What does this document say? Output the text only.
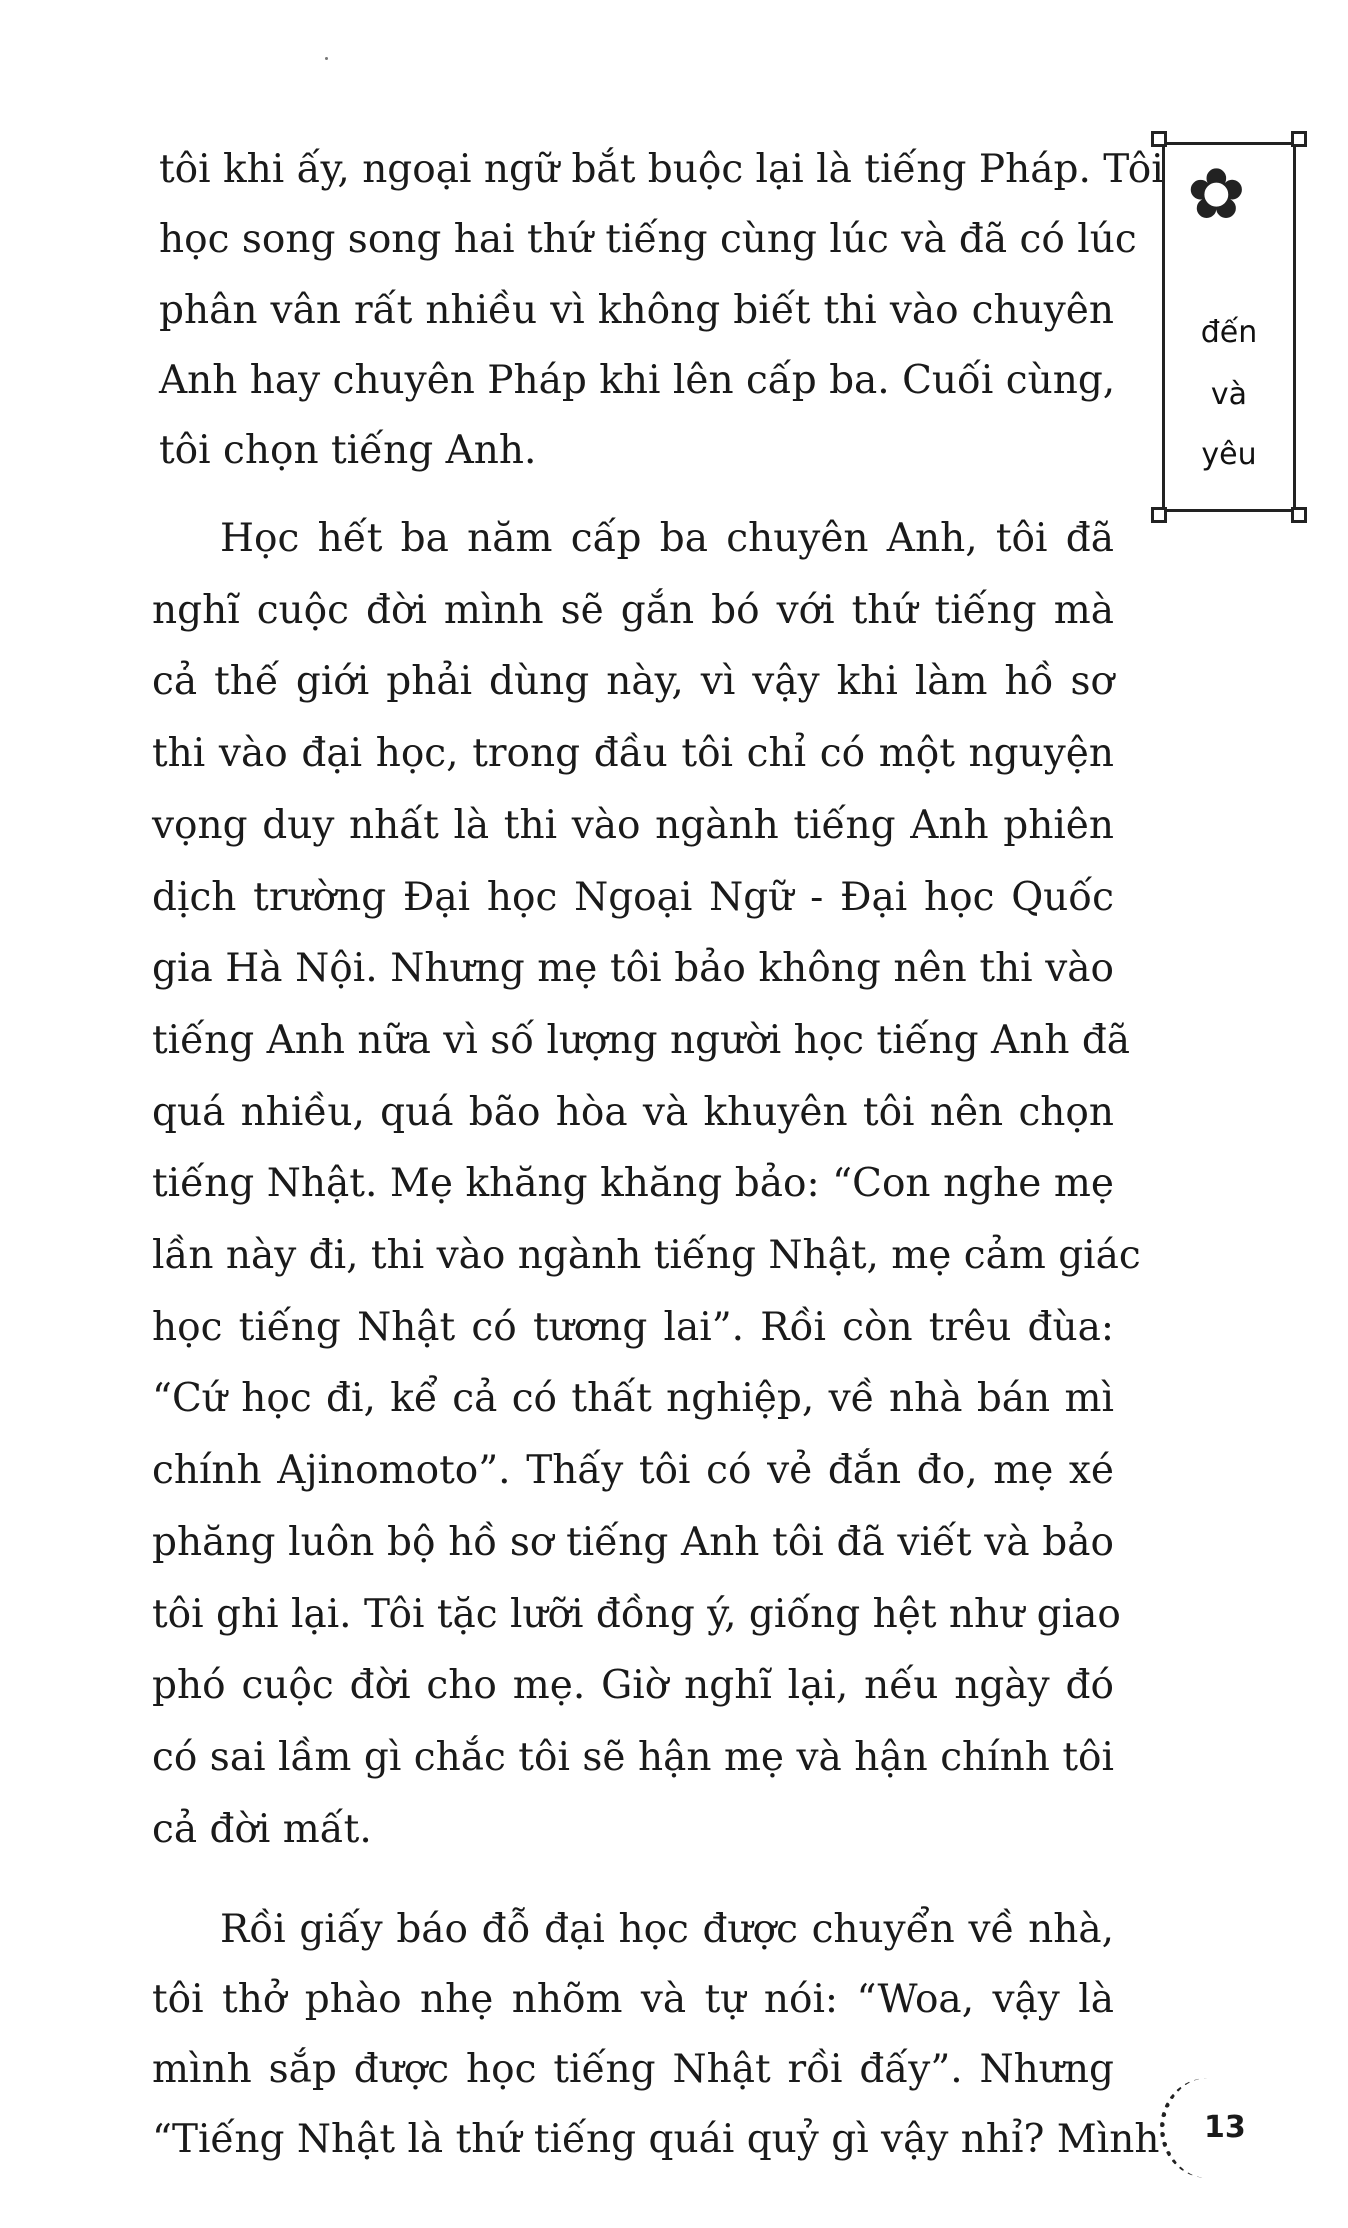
tôi khi ấy, ngoại ngữ bắt buộc lại là tiếng Pháp. Tôi
học song song hai thứ tiếng cùng lúc và đã có lúc
phân vân rất nhiều vì không biết thi vào chuyên
Anh hay chuyên Pháp khi lên cấp ba. Cuối cùng,
tôi chọn tiếng Anh.
Học hết ba năm cấp ba chuyên Anh, tôi đã
nghĩ cuộc đời mình sẽ gắn bó với thứ tiếng mà
cả thế giới phải dùng này, vì vậy khi làm hồ sơ
thi vào đại học, trong đầu tôi chỉ có một nguyện
vọng duy nhất là thi vào ngành tiếng Anh phiên
dịch trường Đại học Ngoại Ngữ - Đại học Quốc
gia Hà Nội. Nhưng mẹ tôi bảo không nên thi vào
tiếng Anh nữa vì số lượng người học tiếng Anh đã
quá nhiều, quá bão hòa và khuyên tôi nên chọn
tiếng Nhật. Mẹ khăng khăng bảo: “Con nghe mẹ
lần này đi, thi vào ngành tiếng Nhật, mẹ cảm giác
học tiếng Nhật có tương lai”. Rồi còn trêu đùa:
“Cứ học đi, kể cả có thất nghiệp, về nhà bán mì
chính Ajinomoto”. Thấy tôi có vẻ đắn đo, mẹ xé
phăng luôn bộ hồ sơ tiếng Anh tôi đã viết và bảo
tôi ghi lại. Tôi tặc lưỡi đồng ý, giống hệt như giao
phó cuộc đời cho mẹ. Giờ nghĩ lại, nếu ngày đó
có sai lầm gì chắc tôi sẽ hận mẹ và hận chính tôi
cả đời mất.
Rồi giấy báo đỗ đại học được chuyển về nhà,
tôi thở phào nhẹ nhõm và tự nói: “Woa, vậy là
mình sắp được học tiếng Nhật rồi đấy”. Nhưng
“Tiếng Nhật là thứ tiếng quái quỷ gì vậy nhỉ? Mình
✿
đến
và
yêu
13
